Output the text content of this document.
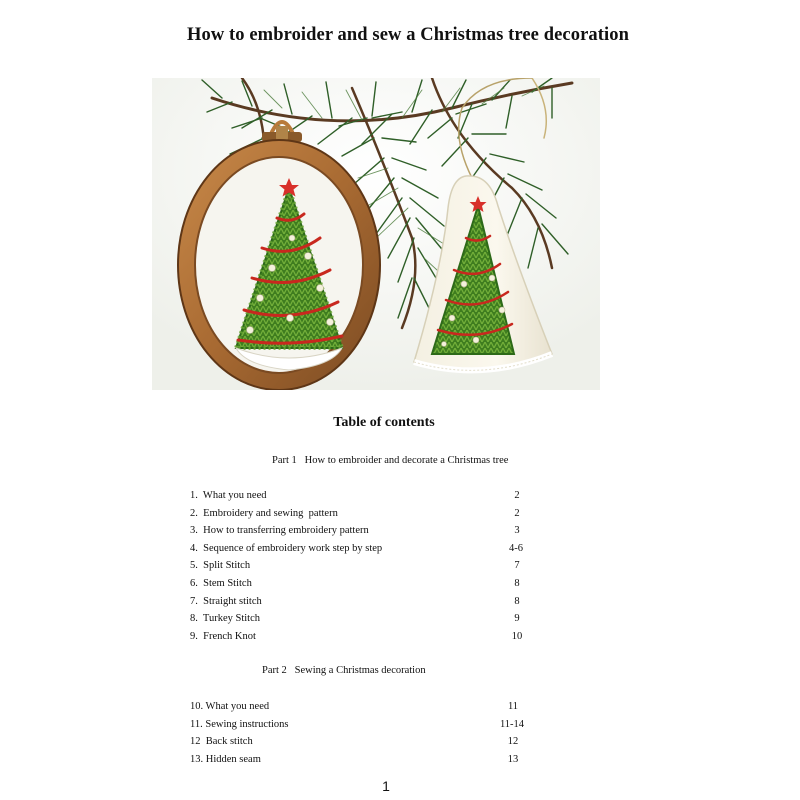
How to embroider and sew a Christmas tree decoration
Table of contents
Part 1   How to embroider and decorate a Christmas tree
Part 2   Sewing a Christmas decoration
1.  What you need	2
2.  Embroidery and sewing  pattern	2
3.  How to transferring embroidery pattern	3
4.  Sequence of embroidery work step by step	4-6
5.  Split Stitch	7
6.  Stem Stitch	8
7.  Straight stitch	8
8.  Turkey Stitch	9
9.  French Knot	10
10. What you need	11
11. Sewing instructions	11-14
12  Back stitch	12
13. Hidden seam	13
1
